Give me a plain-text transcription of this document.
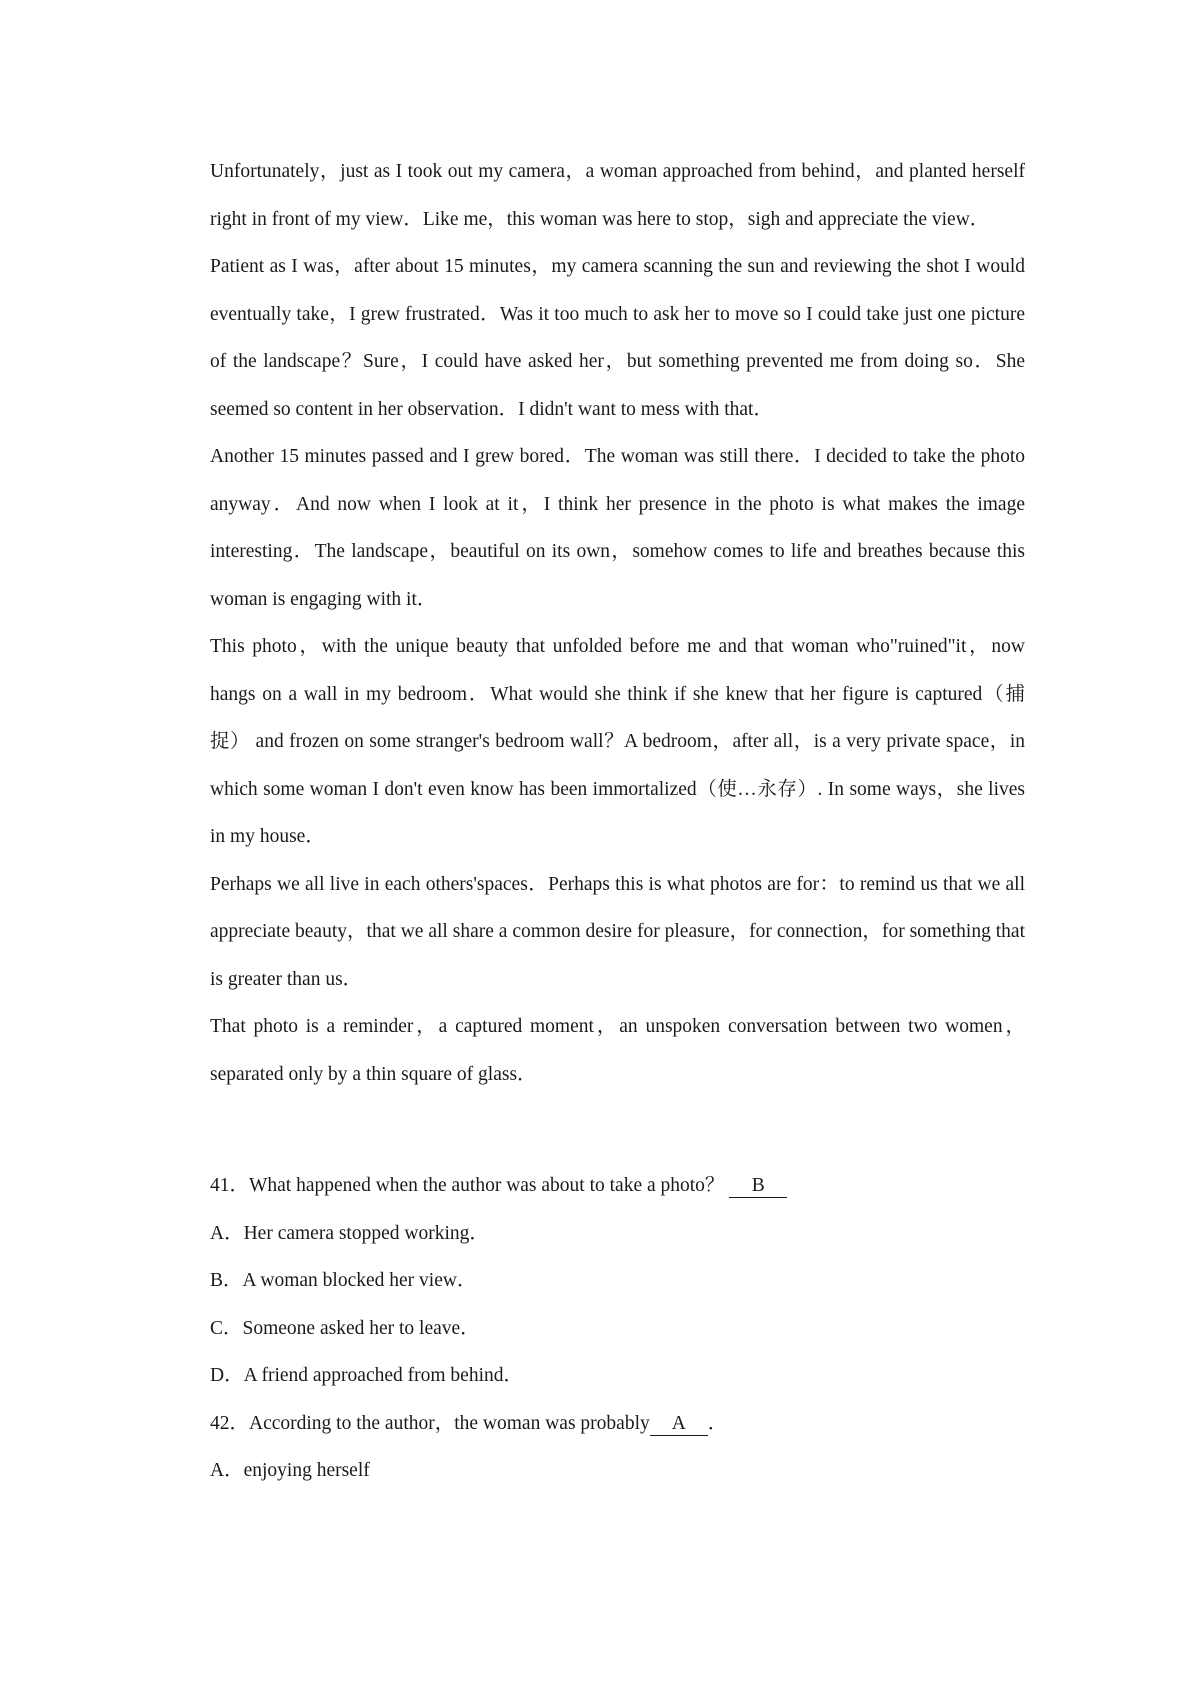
Unfortunately，just as I took out my camera，a woman approached from behind，and planted herself right in front of my view．Like me，this woman was here to stop，sigh and appreciate the view．

Patient as I was，after about 15 minutes，my camera scanning the sun and reviewing the shot I would eventually take，I grew frustrated．Was it too much to ask her to move so I could take just one picture of the landscape？Sure，I could have asked her，but something prevented me from doing so．She seemed so content in her observation．I didn't want to mess with that．

Another 15 minutes passed and I grew bored．The woman was still there．I decided to take the photo anyway．And now when I look at it，I think her presence in the photo is what makes the image interesting．The landscape，beautiful on its own，somehow comes to life and breathes because this woman is engaging with it．

This photo，with the unique beauty that unfolded before me and that woman who"ruined"it，now hangs on a wall in my bedroom．What would she think if she knew that her figure is captured（捕捉） and frozen on some stranger's bedroom wall？A bedroom，after all，is a very private space，in which some woman I don't even know has been immortalized（使…永存）. In some ways，she lives in my house．

Perhaps we all live in each others'spaces．Perhaps this is what photos are for：to remind us that we all appreciate beauty，that we all share a common desire for pleasure，for connection，for something that is greater than us．

That photo is a reminder，a captured moment，an unspoken conversation between two women，separated only by a thin square of glass．

41．What happened when the author was about to take a photo？ B

A．Her camera stopped working．

B．A woman blocked her view．

C．Someone asked her to leave．

D．A friend approached from behind．

42．According to the author，the woman was probably A ．

A．enjoying herself
